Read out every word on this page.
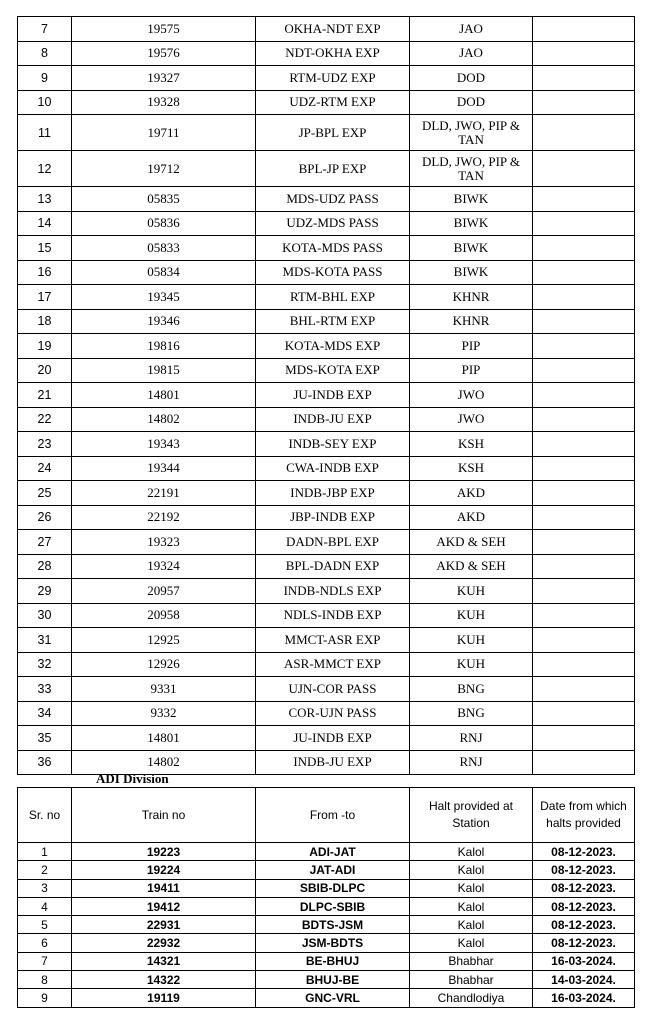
7	19575	OKHA-NDT EXP	JAO	
8	19576	NDT-OKHA EXP	JAO	
9	19327	RTM-UDZ EXP	DOD	
10	19328	UDZ-RTM EXP	DOD	
11	19711	JP-BPL EXP	DLD, JWO, PIP & TAN	
12	19712	BPL-JP EXP	DLD, JWO, PIP & TAN	
13	05835	MDS-UDZ PASS	BIWK	
14	05836	UDZ-MDS PASS	BIWK	
15	05833	KOTA-MDS PASS	BIWK	
16	05834	MDS-KOTA PASS	BIWK	
17	19345	RTM-BHL EXP	KHNR	
18	19346	BHL-RTM EXP	KHNR	
19	19816	KOTA-MDS EXP	PIP	
20	19815	MDS-KOTA EXP	PIP	
21	14801	JU-INDB EXP	JWO	
22	14802	INDB-JU EXP	JWO	
23	19343	INDB-SEY EXP	KSH	
24	19344	CWA-INDB EXP	KSH	
25	22191	INDB-JBP EXP	AKD	
26	22192	JBP-INDB EXP	AKD	
27	19323	DADN-BPL EXP	AKD & SEH	
28	19324	BPL-DADN EXP	AKD & SEH	
29	20957	INDB-NDLS EXP	KUH	
30	20958	NDLS-INDB EXP	KUH	
31	12925	MMCT-ASR EXP	KUH	
32	12926	ASR-MMCT EXP	KUH	
33	9331	UJN-COR PASS	BNG	
34	9332	COR-UJN PASS	BNG	
35	14801	JU-INDB EXP	RNJ	
36	14802	INDB-JU EXP	RNJ	
ADI Division
Sr. no	Train no	From -to	Halt provided at Station	Date from which halts provided
1	19223	ADI-JAT	Kalol	08-12-2023.
2	19224	JAT-ADI	Kalol	08-12-2023.
3	19411	SBIB-DLPC	Kalol	08-12-2023.
4	19412	DLPC-SBIB	Kalol	08-12-2023.
5	22931	BDTS-JSM	Kalol	08-12-2023.
6	22932	JSM-BDTS	Kalol	08-12-2023.
7	14321	BE-BHUJ	Bhabhar	16-03-2024.
8	14322	BHUJ-BE	Bhabhar	14-03-2024.
9	19119	GNC-VRL	Chandlodiya	16-03-2024.
